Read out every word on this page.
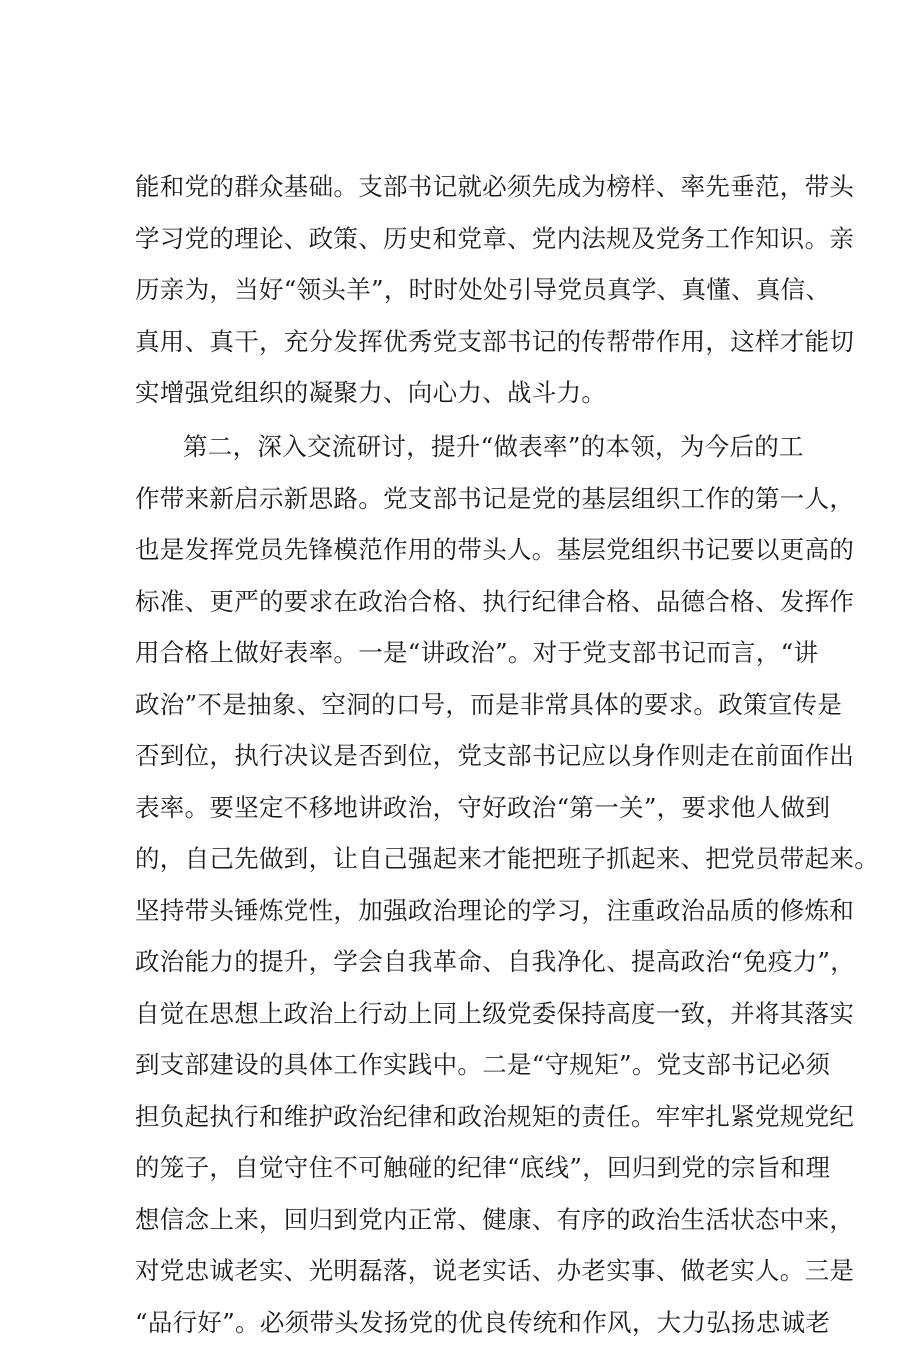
能和党的群众基础。支部书记就必须先成为榜样、率先垂范，带头
学习党的理论、政策、历史和党章、党内法规及党务工作知识。亲
历亲为，当好“领头羊”，时时处处引导党员真学、真懂、真信、
真用、真干，充分发挥优秀党支部书记的传帮带作用，这样才能切
实增强党组织的凝聚力、向心力、战斗力。
第二，深入交流研讨，提升“做表率”的本领，为今后的工
作带来新启示新思路。党支部书记是党的基层组织工作的第一人，
也是发挥党员先锋模范作用的带头人。基层党组织书记要以更高的
标准、更严的要求在政治合格、执行纪律合格、品德合格、发挥作
用合格上做好表率。一是“讲政治”。对于党支部书记而言，“讲
政治”不是抽象、空洞的口号，而是非常具体的要求。政策宣传是
否到位，执行决议是否到位，党支部书记应以身作则走在前面作出
表率。要坚定不移地讲政治，守好政治“第一关”，要求他人做到
的，自己先做到，让自己强起来才能把班子抓起来、把党员带起来。
坚持带头锤炼党性，加强政治理论的学习，注重政治品质的修炼和
政治能力的提升，学会自我革命、自我净化、提高政治“免疫力”，
自觉在思想上政治上行动上同上级党委保持高度一致，并将其落实
到支部建设的具体工作实践中。二是“守规矩”。党支部书记必须
担负起执行和维护政治纪律和政治规矩的责任。牢牢扎紧党规党纪
的笼子，自觉守住不可触碰的纪律“底线”，回归到党的宗旨和理
想信念上来，回归到党内正常、健康、有序的政治生活状态中来，
对党忠诚老实、光明磊落，说老实话、办老实事、做老实人。三是
“品行好”。必须带头发扬党的优良传统和作风，大力弘扬忠诚老
